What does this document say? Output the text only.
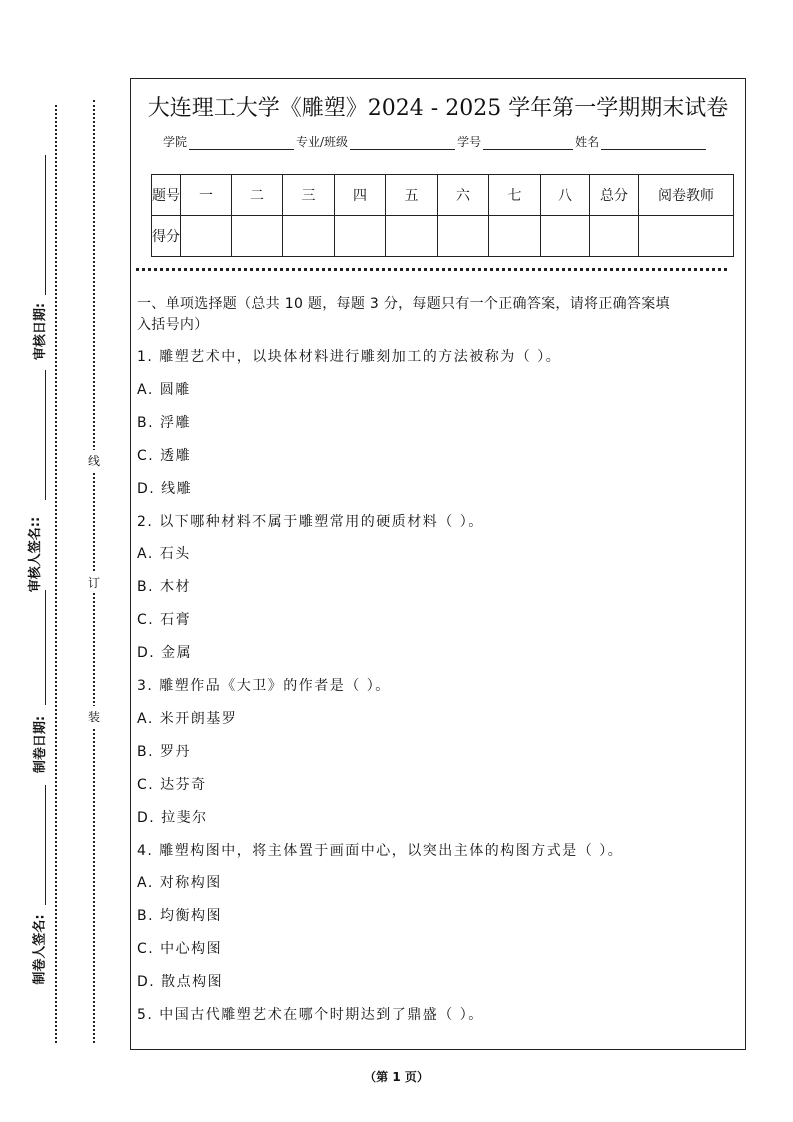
审核日期:
审核人签名::
制卷日期:
制卷人签名:
线
订
装
大连理工大学《雕塑》2024 - 2025 学年第一学期期末试卷
学院	专业/班级	学号	姓名
题号	一	二	三	四	五	六	七	八	总分	阅卷教师
得分										
一、单项选择题（总共 10 题，每题 3 分，每题只有一个正确答案，请将正确答案填
入括号内）
1. 雕塑艺术中，以块体材料进行雕刻加工的方法被称为（ ）。
A. 圆雕
B. 浮雕
C. 透雕
D. 线雕
2. 以下哪种材料不属于雕塑常用的硬质材料（ ）。
A. 石头
B. 木材
C. 石膏
D. 金属
3. 雕塑作品《大卫》的作者是（ ）。
A. 米开朗基罗
B. 罗丹
C. 达芬奇
D. 拉斐尔
4. 雕塑构图中，将主体置于画面中心，以突出主体的构图方式是（ ）。
A. 对称构图
B. 均衡构图
C. 中心构图
D. 散点构图
5. 中国古代雕塑艺术在哪个时期达到了鼎盛（ ）。
（第 1 页）
